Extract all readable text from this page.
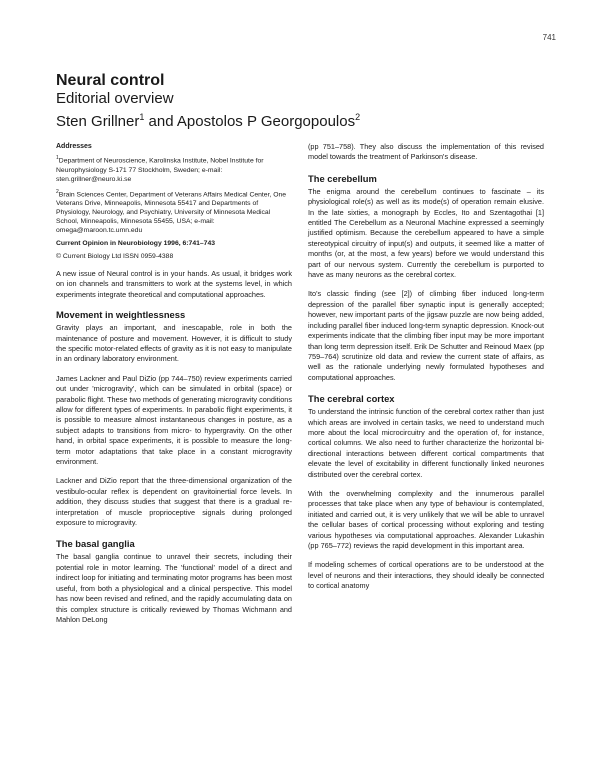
741
Neural control
Editorial overview
Sten Grillner$^1$ and Apostolos P Georgopoulos$^2$
Addresses

$^1$Department of Neuroscience, Karolinska Institute, Nobel Institute for Neurophysiology S-171 77 Stockholm, Sweden; e-mail: sten.grillner@neuro.ki.se

$^2$Brain Sciences Center, Department of Veterans Affairs Medical Center, One Veterans Drive, Minneapolis, Minnesota 55417 and Departments of Physiology, Neurology, and Psychiatry, University of Minnesota Medical School, Minneapolis, Minnesota 55455, USA; e-mail: omega@maroon.tc.umn.edu

Current Opinion in Neurobiology 1996, 6:741–743
© Current Biology Ltd ISSN 0959-4388

A new issue of Neural control is in your hands. As usual, it bridges work on ion channels and transmitters to work at the systems level, in which experiments integrate theoretical and computational approaches.

Movement in weightlessness

Gravity plays an important, and inescapable, role in both the maintenance of posture and movement. However, it is difficult to study the specific motor-related effects of gravity as it is not easy to manipulate in an ordinary laboratory environment.

James Lackner and Paul DiZio (pp 744–750) review experiments carried out under 'microgravity', which can be simulated in orbital (space) or parabolic flight. These two methods of generating microgravity conditions allow for different types of experiments. In parabolic flight experiments, it is possible to measure almost instantaneous changes in posture, as a subject adapts to transitions from micro- to hypergravity. On the other hand, in orbital space experiments, it is possible to measure the long-term motor adaptations that take place in a constant microgravity environment.

Lackner and DiZio report that the three-dimensional organization of the vestibulo-ocular reflex is dependent on gravitoinertial force levels. In addition, they discuss studies that suggest that there is a gradual re-interpretation of muscle proprioceptive signals during prolonged exposure to microgravity.

The basal ganglia

The basal ganglia continue to unravel their secrets, including their potential role in motor learning. The 'functional' model of a direct and indirect loop for initiating and terminating motor programs has been most useful, from both a physiological and a clinical perspective. This model has now been revised and refined, and the rapidly accumulating data on this complex structure is critically reviewed by Thomas Wichmann and Mahlon DeLong

(pp 751–758). They also discuss the implementation of this revised model towards the treatment of Parkinson's disease.

The cerebellum

The enigma around the cerebellum continues to fascinate – its physiological role(s) as well as its mode(s) of operation remain elusive. In the late sixties, a monograph by Eccles, Ito and Szentagothai [1] entitled The Cerebellum as a Neuronal Machine expressed a seemingly justified optimism. Because the cerebellum appeared to have a simple stereotypical circuitry of input(s) and outputs, it seemed like a matter of months (or, at the most, a few years) before we would understand this part of our nervous system. Currently the cerebellum is purported to have as many neurons as the cerebral cortex.

Ito's classic finding (see [2]) of climbing fiber induced long-term depression of the parallel fiber synaptic input is generally accepted; however, new important parts of the jigsaw puzzle are now being added, including parallel fiber induced long-term synaptic depression. Knock-out experiments indicate that the climbing fiber input may be more important than long term depression itself. Erik De Schutter and Reinoud Maex (pp 759–764) scrutinize old data and review the current state of affairs, as well as the rationale underlying newly formulated hypotheses and computational approaches.

The cerebral cortex

To understand the intrinsic function of the cerebral cortex rather than just which areas are involved in certain tasks, we need to understand much more about the local microcircuitry and the operation of, for instance, cortical columns. We also need to further characterize the horizontal bi-directional interactions between different cortical compartments that elevate the level of excitability in different functionally linked neurones distributed over the cerebral cortex.

With the overwhelming complexity and the innumerous parallel processes that take place when any type of behaviour is contemplated, initiated and carried out, it is very unlikely that we will be able to unravel the cellular bases of cortical processing without exploring and testing various hypotheses via computational approaches. Alexander Lukashin (pp 765–772) reviews the rapid development in this important area.

If modeling schemes of cortical operations are to be understood at the level of neurons and their interactions, they should ideally be connected to cortical anatomy
